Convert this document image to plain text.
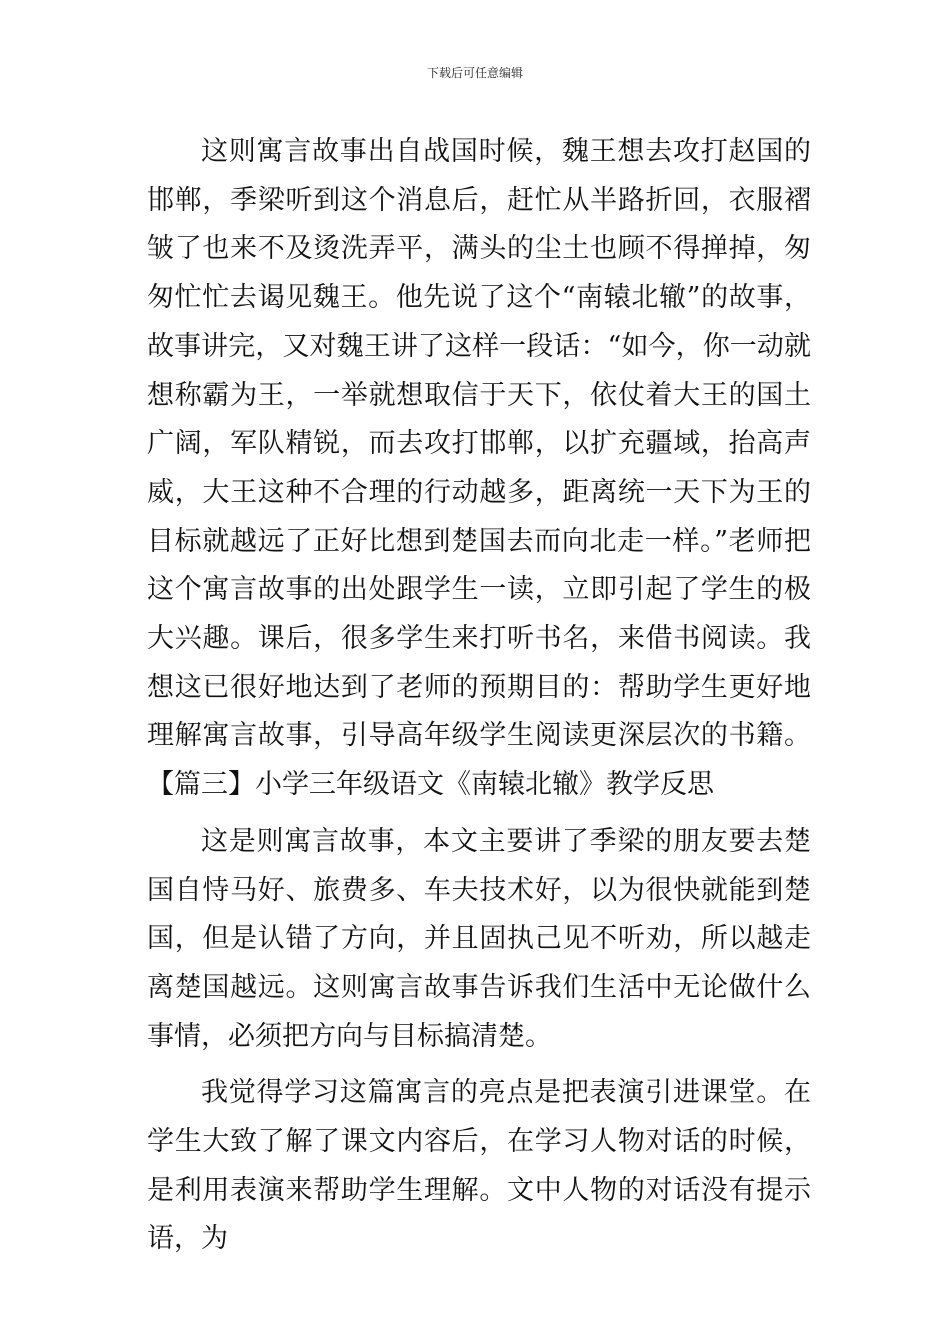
下载后可任意编辑

这则寓言故事出自战国时候，魏王想去攻打赵国的邯郸，季梁听到这个消息后，赶忙从半路折回，衣服褶皱了也来不及烫洗弄平，满头的尘土也顾不得掸掉，匆匆忙忙去谒见魏王。他先说了这个“南辕北辙”的故事，故事讲完，又对魏王讲了这样一段话：“如今，你一动就想称霸为王，一举就想取信于天下，依仗着大王的国土广阔，军队精锐，而去攻打邯郸，以扩充疆域，抬高声威，大王这种不合理的行动越多，距离统一天下为王的目标就越远了正好比想到楚国去而向北走一样。”老师把这个寓言故事的出处跟学生一读，立即引起了学生的极大兴趣。课后，很多学生来打听书名，来借书阅读。我想这已很好地达到了老师的预期目的：帮助学生更好地理解寓言故事，引导高年级学生阅读更深层次的书籍。【篇三】小学三年级语文《南辕北辙》教学反思

这是则寓言故事，本文主要讲了季梁的朋友要去楚国自恃马好、旅费多、车夫技术好，以为很快就能到楚国，但是认错了方向，并且固执己见不听劝，所以越走离楚国越远。这则寓言故事告诉我们生活中无论做什么事情，必须把方向与目标搞清楚。

我觉得学习这篇寓言的亮点是把表演引进课堂。在学生大致了解了课文内容后，在学习人物对话的时候，是利用表演来帮助学生理解。文中人物的对话没有提示语，为
